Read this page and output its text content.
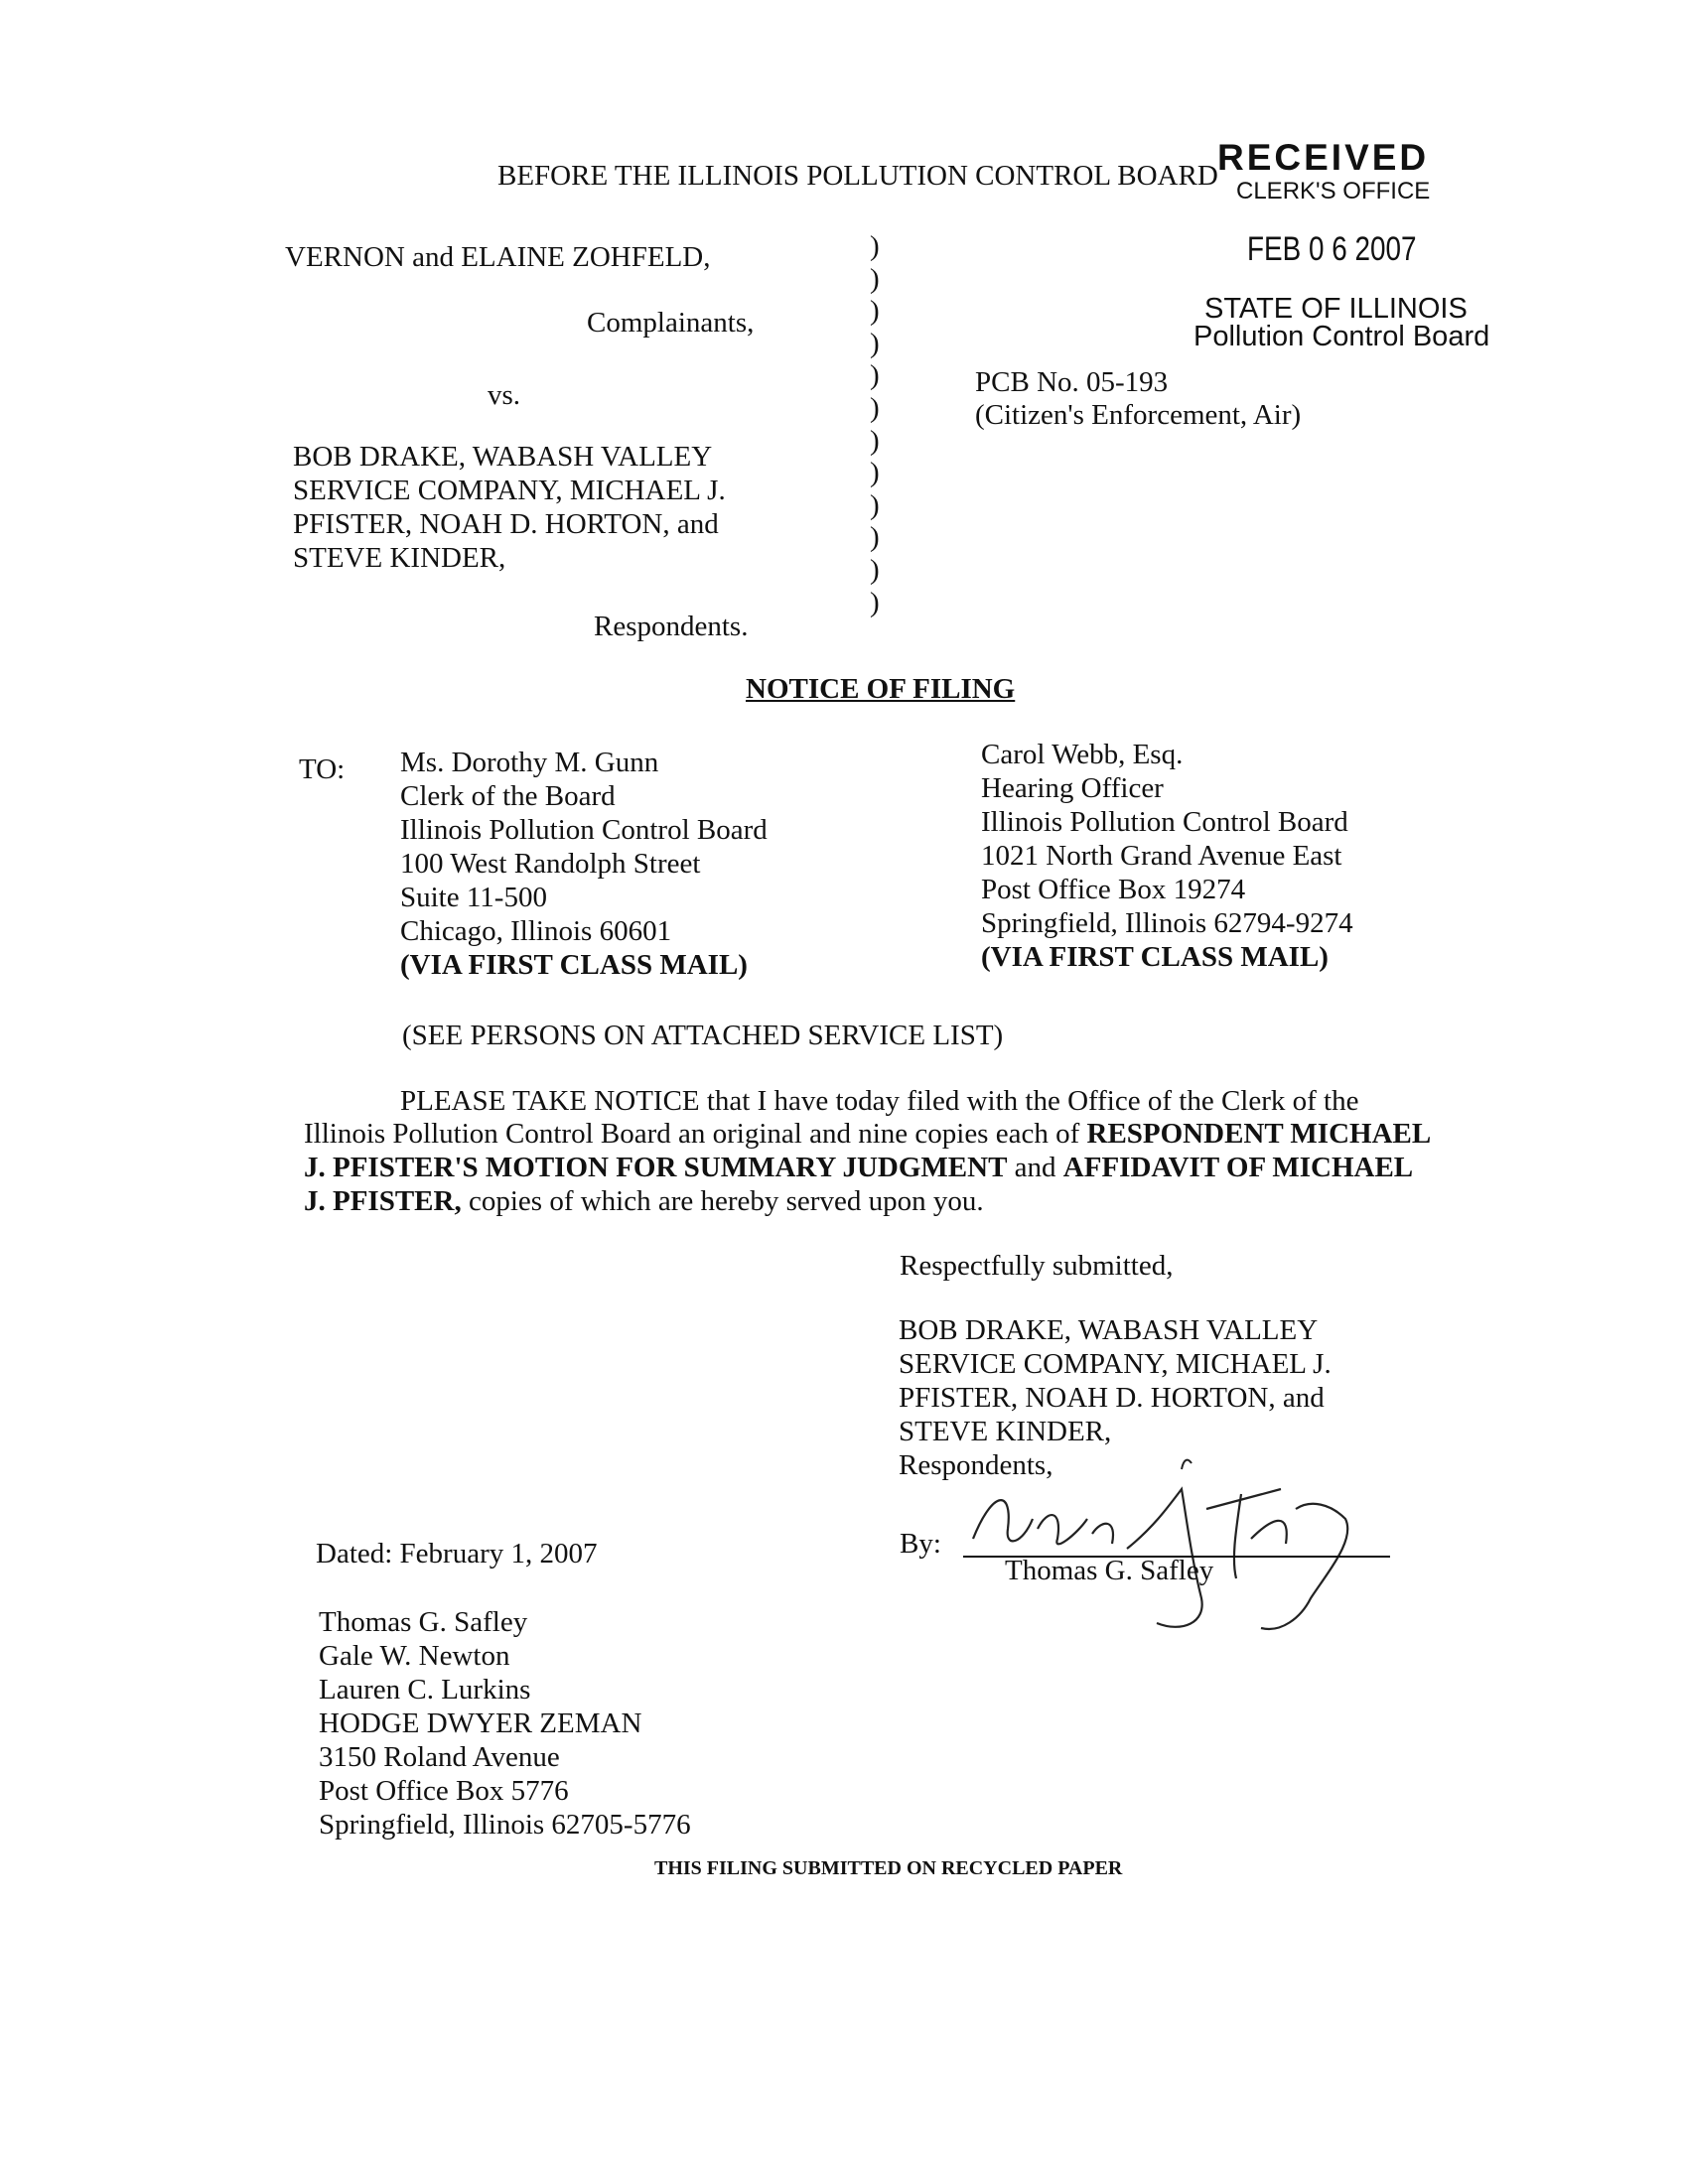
BEFORE THE ILLINOIS POLLUTION CONTROL BOARD RECEIVED
CLERK'S OFFICE
FEB 0 6 2007
STATE OF ILLINOIS
Pollution Control Board
VERNON and ELAINE ZOHFELD,
Complainants,
vs.
BOB DRAKE, WABASH VALLEY
SERVICE COMPANY, MICHAEL J.
PFISTER, NOAH D. HORTON, and
STEVE KINDER,
Respondents.
)
)
)
)
)
)
)
)
)
)
)
)
PCB No. 05-193
(Citizen's Enforcement, Air)
NOTICE OF FILING
TO: Ms. Dorothy M. Gunn
Clerk of the Board
Illinois Pollution Control Board
100 West Randolph Street
Suite 11-500
Chicago, Illinois 60601
(VIA FIRST CLASS MAIL)
Carol Webb, Esq.
Hearing Officer
Illinois Pollution Control Board
1021 North Grand Avenue East
Post Office Box 19274
Springfield, Illinois 62794-9274
(VIA FIRST CLASS MAIL)
(SEE PERSONS ON ATTACHED SERVICE LIST)
PLEASE TAKE NOTICE that I have today filed with the Office of the Clerk of the
Illinois Pollution Control Board an original and nine copies each of RESPONDENT MICHAEL
J. PFISTER'S MOTION FOR SUMMARY JUDGMENT and AFFIDAVIT OF MICHAEL
J. PFISTER, copies of which are hereby served upon you.
Respectfully submitted,
BOB DRAKE, WABASH VALLEY
SERVICE COMPANY, MICHAEL J.
PFISTER, NOAH D. HORTON, and
STEVE KINDER,
Respondents,
By:
Thomas G. Safley
Dated: February 1, 2007
Thomas G. Safley
Gale W. Newton
Lauren C. Lurkins
HODGE DWYER ZEMAN
3150 Roland Avenue
Post Office Box 5776
Springfield, Illinois 62705-5776
THIS FILING SUBMITTED ON RECYCLED PAPER
